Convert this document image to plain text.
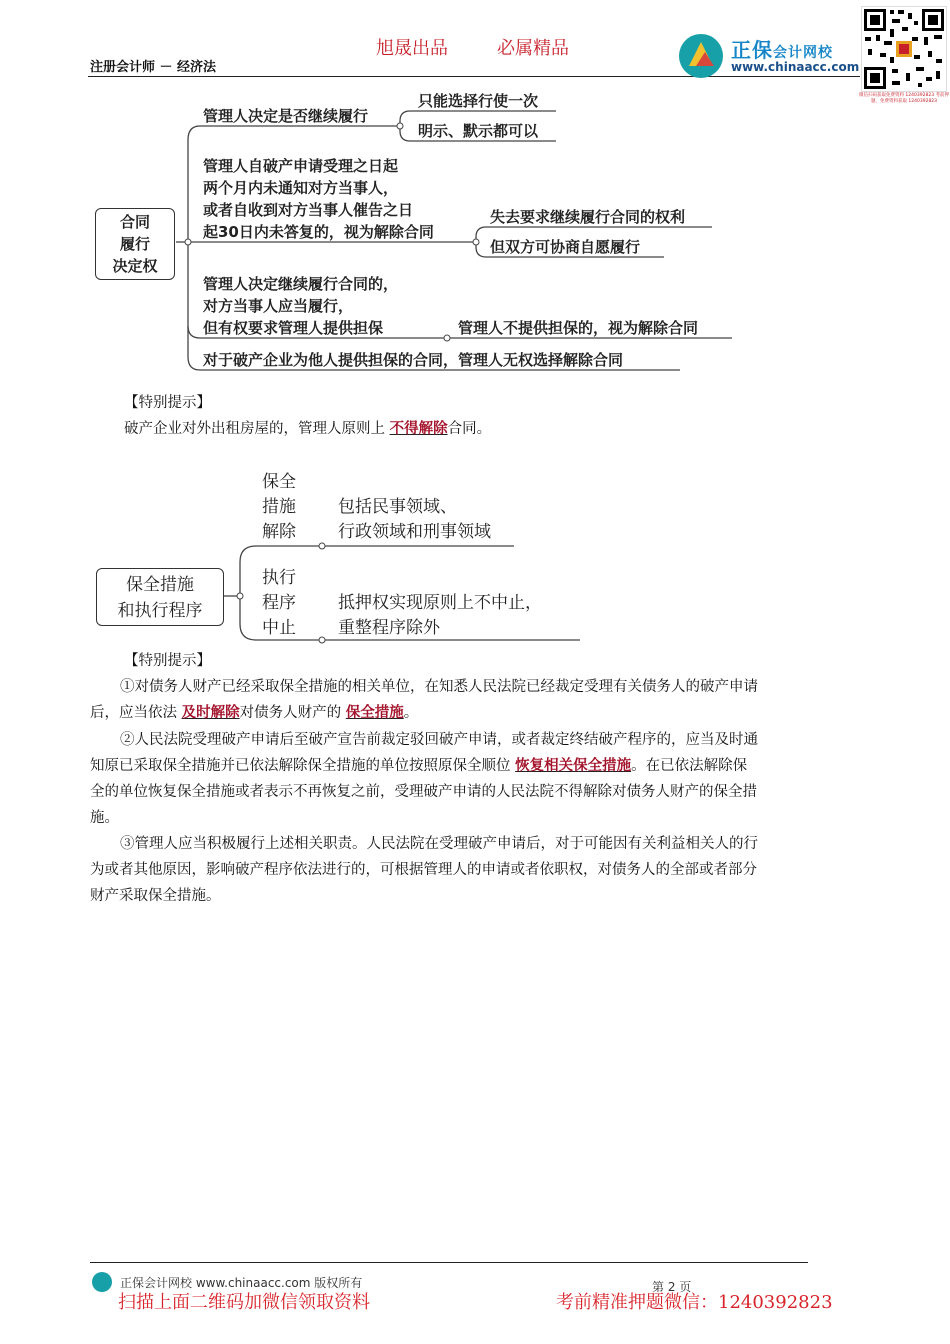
旭晟出品	必属精品
注册会计师 － 经济法
正保会计网校
www.chinaacc.com
微信扫码获取免费资料 1240392823 考前押题，免费资料获取 1240392823
合同
履行
决定权
管理人决定是否继续履行
只能选择行使一次
明示、默示都可以
管理人自破产申请受理之日起
两个月内未通知对方当事人，
或者自收到对方当事人催告之日
起30日内未答复的，视为解除合同
失去要求继续履行合同的权利
但双方可协商自愿履行
管理人决定继续履行合同的，
对方当事人应当履行，
但有权要求管理人提供担保	管理人不提供担保的，视为解除合同
对于破产企业为他人提供担保的合同，管理人无权选择解除合同
【特别提示】
破产企业对外出租房屋的，管理人原则上 不得解除合同。
保全措施
和执行程序
保全
措施
解除
包括民事领域、
行政领域和刑事领域
执行
程序
中止
抵押权实现原则上不中止，
重整程序除外
【特别提示】
①对债务人财产已经采取保全措施的相关单位，在知悉人民法院已经裁定受理有关债务人的破产申请
后，应当依法 及时解除对债务人财产的 保全措施。
②人民法院受理破产申请后至破产宣告前裁定驳回破产申请，或者裁定终结破产程序的，应当及时通
知原已采取保全措施并已依法解除保全措施的单位按照原保全顺位 恢复相关保全措施。在已依法解除保
全的单位恢复保全措施或者表示不再恢复之前，受理破产申请的人民法院不得解除对债务人财产的保全措
施。
③管理人应当积极履行上述相关职责。人民法院在受理破产申请后，对于可能因有关利益相关人的行
为或者其他原因，影响破产程序依法进行的，可根据管理人的申请或者依职权，对债务人的全部或者部分
财产采取保全措施。
正保会计网校 www.chinaacc.com 版权所有	第 2 页
扫描上面二维码加微信领取资料	考前精准押题微信：1240392823
